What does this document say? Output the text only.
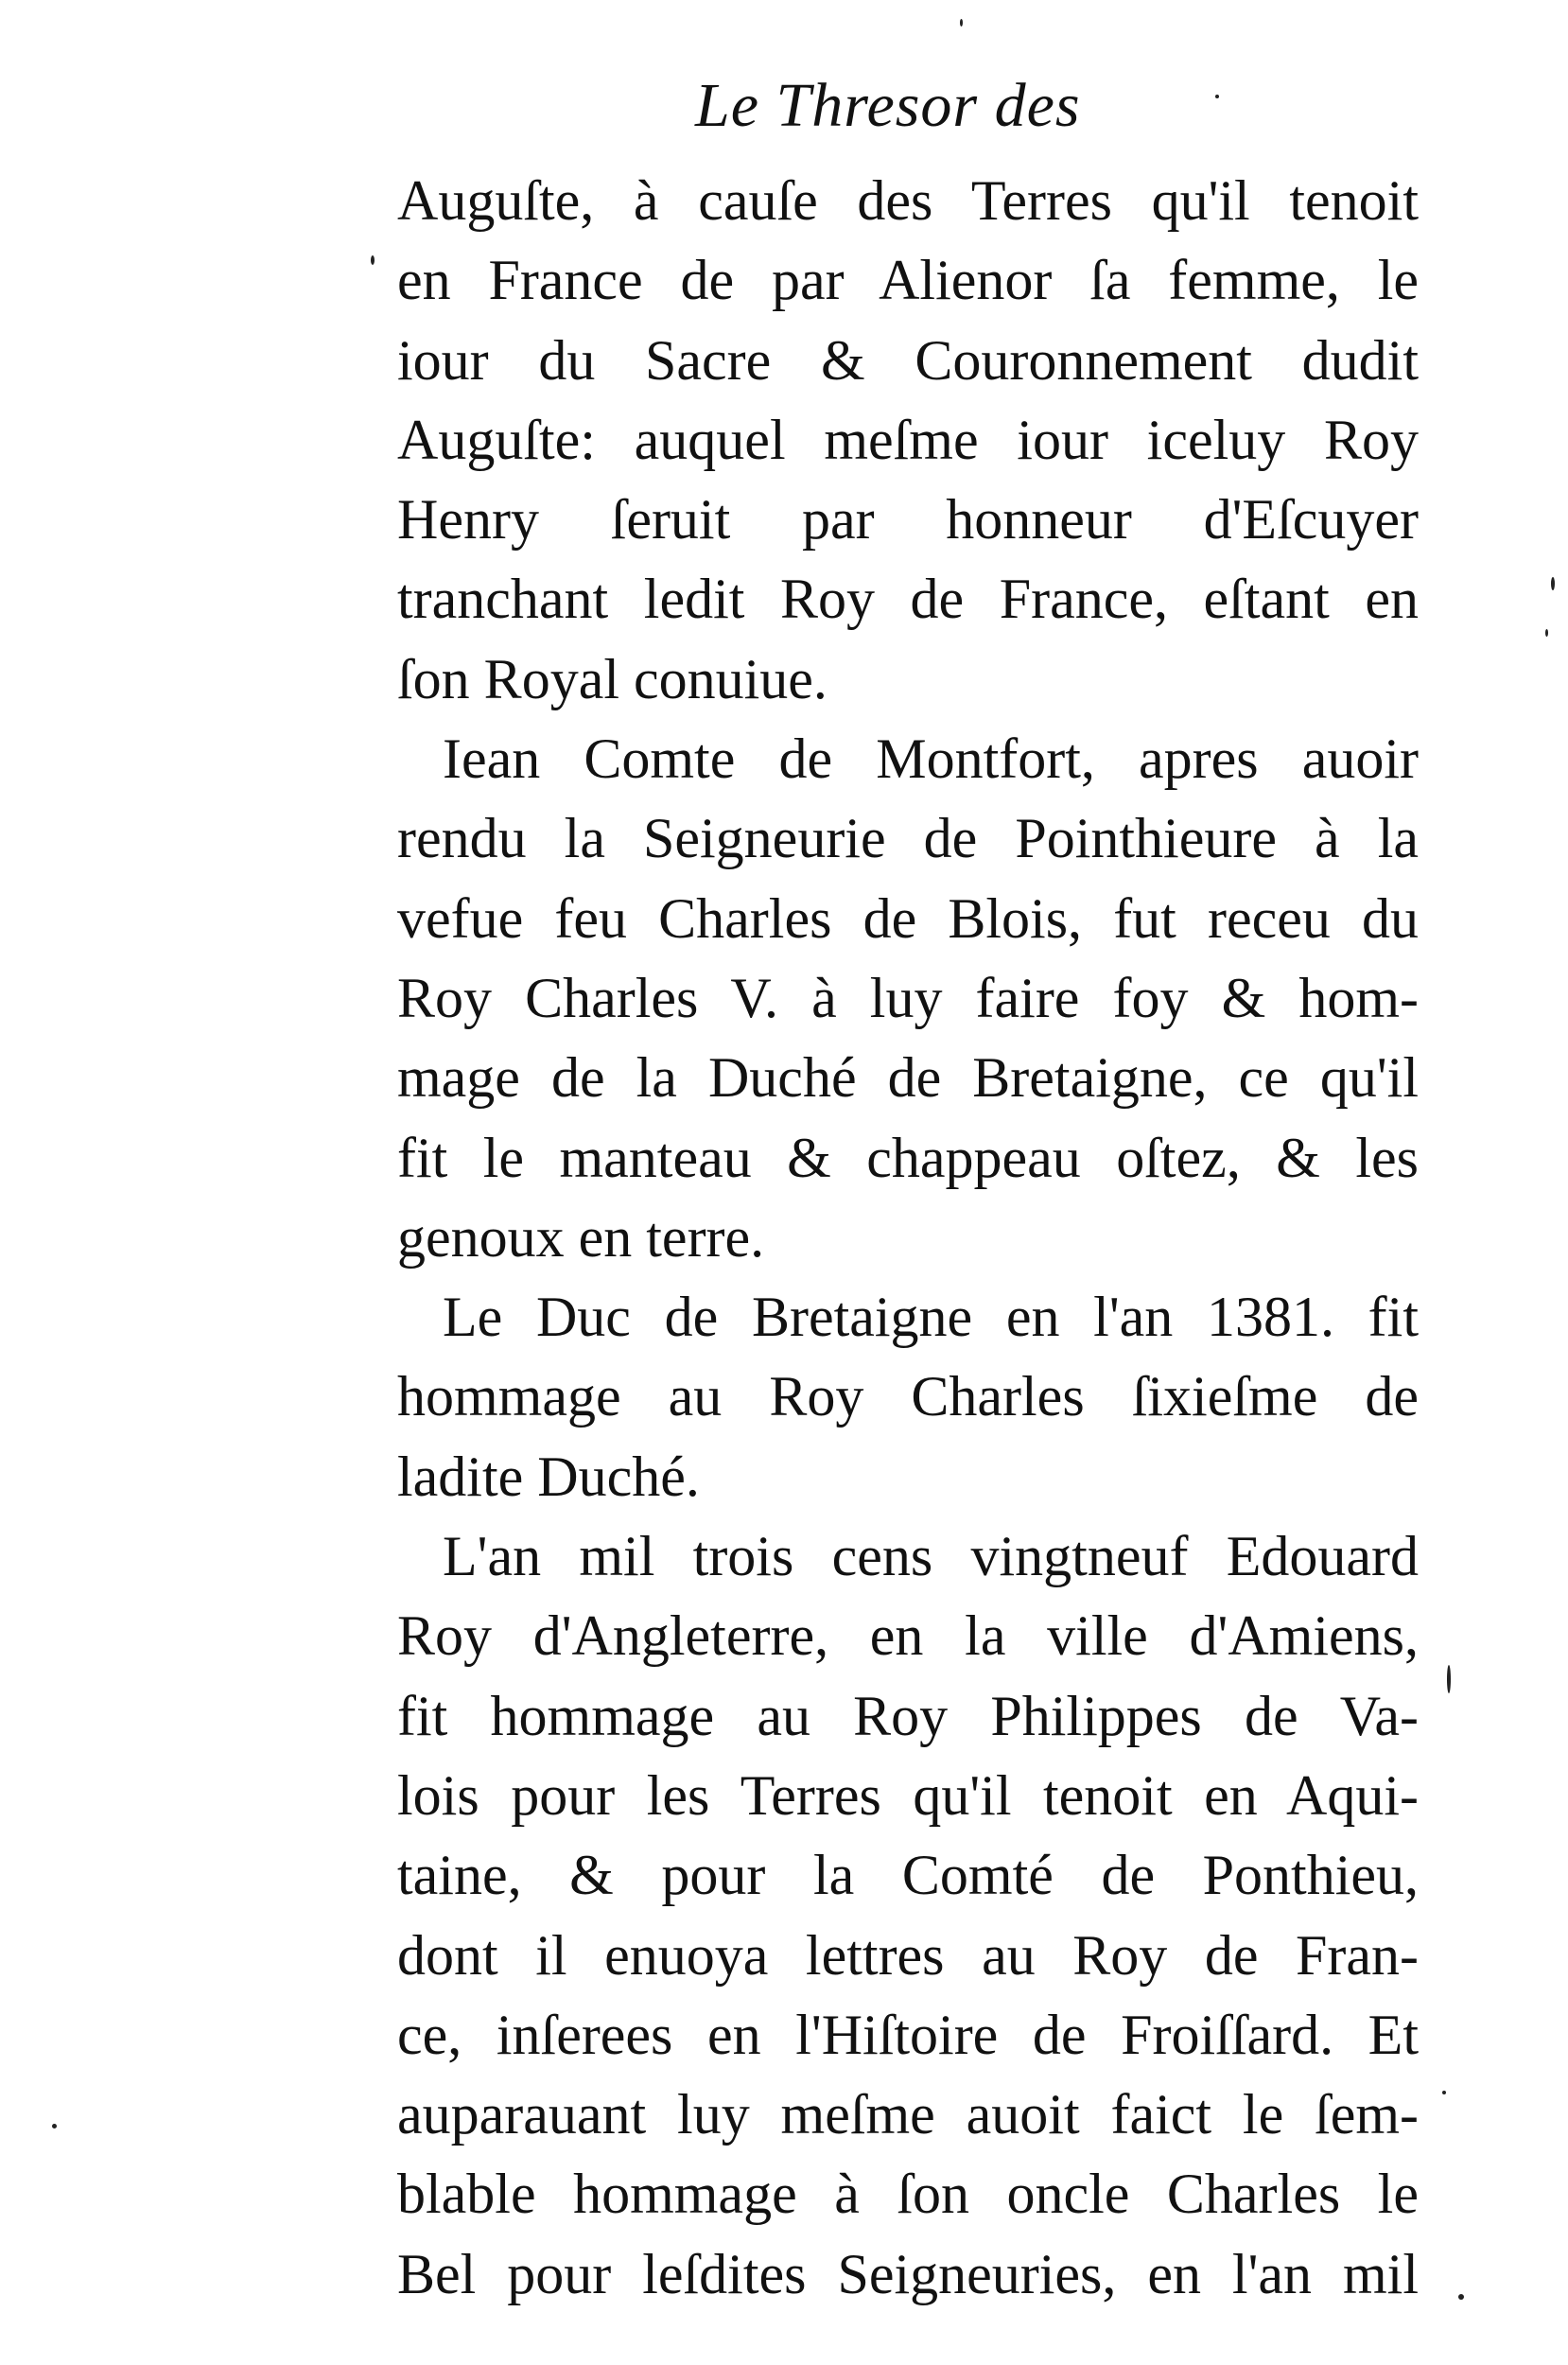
Le Thresor des
Auguſte, à cauſe des Terres qu'il tenoit
en France de par Alienor ſa femme, le
iour du Sacre & Couronnement dudit
Auguſte: auquel meſme iour iceluy Roy
Henry ſeruit par honneur d'Eſcuyer
tranchant ledit Roy de France, eſtant en
ſon Royal conuiue.
Iean Comte de Montfort, apres auoir
rendu la Seigneurie de Pointhieure à la
vefue feu Charles de Blois, fut receu du
Roy Charles V. à luy faire foy & hom-
mage de la Duché de Bretaigne, ce qu'il
fit le manteau & chappeau oſtez, & les
genoux en terre.
Le Duc de Bretaigne en l'an 1381. fit
hommage au Roy Charles ſixieſme de
ladite Duché.
L'an mil trois cens vingtneuf Edouard
Roy d'Angleterre, en la ville d'Amiens,
fit hommage au Roy Philippes de Va-
lois pour les Terres qu'il tenoit en Aqui-
taine, & pour la Comté de Ponthieu,
dont il enuoya lettres au Roy de Fran-
ce, inſerees en l'Hiſtoire de Froiſſard. Et
auparauant luy meſme auoit faict le ſem-
blable hommage à ſon oncle Charles le
Bel pour leſdites Seigneuries, en l'an mil
